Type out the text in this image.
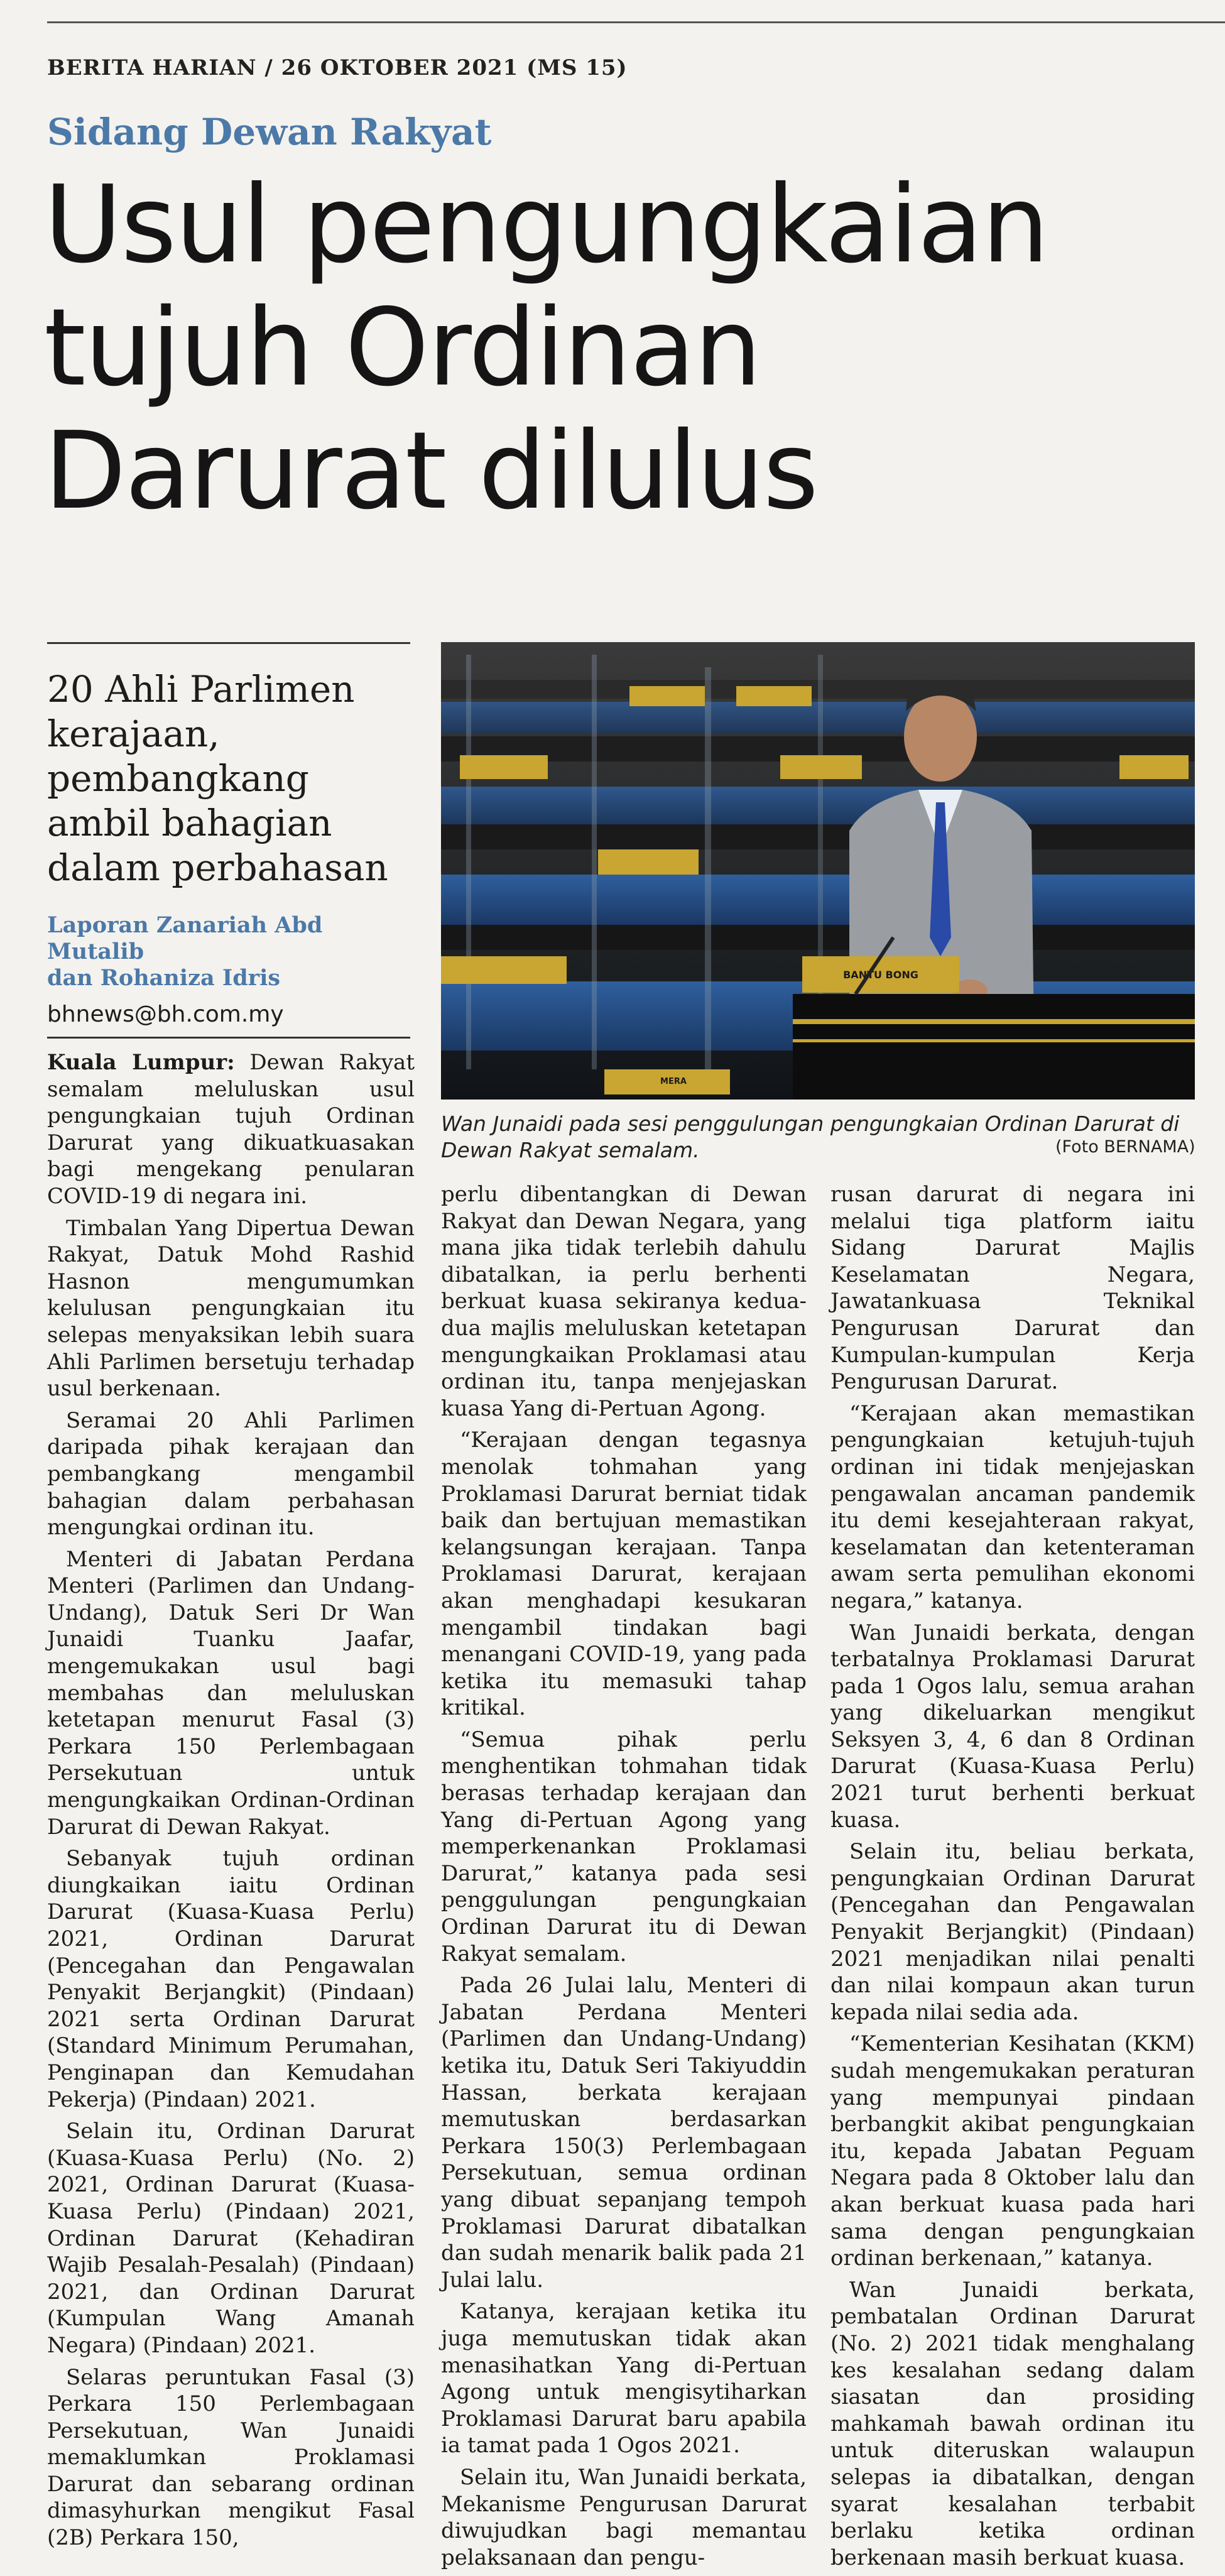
BERITA HARIAN / 26 OKTOBER 2021 (MS 15)
Sidang Dewan Rakyat
Usul pengungkaian
tujuh Ordinan
Darurat dilulus
20 Ahli Parlimen kerajaan, pembangkang ambil bahagian dalam perbahasan
Laporan Zanariah Abd Mutalib
dan Rohaniza Idris
bhnews@bh.com.my
BANTU BONG
MERA
Wan Junaidi pada sesi penggulungan pengungkaian Ordinan Darurat di Dewan Rakyat semalam.	(Foto BERNAMA)

Kuala Lumpur: Dewan Rakyat semalam meluluskan usul pengungkaian tujuh Ordinan Darurat yang dikuatkuasakan bagi mengekang penularan COVID-19 di negara ini.

Timbalan Yang Dipertua Dewan Rakyat, Datuk Mohd Rashid Hasnon mengumumkan kelulusan pengungkaian itu selepas menyaksikan lebih suara Ahli Parlimen bersetuju terhadap usul berkenaan.

Seramai 20 Ahli Parlimen daripada pihak kerajaan dan pembangkang mengambil bahagian dalam perbahasan mengungkai ordinan itu.

Menteri di Jabatan Perdana Menteri (Parlimen dan Undang-Undang), Datuk Seri Dr Wan Junaidi Tuanku Jaafar, mengemukakan usul bagi membahas dan meluluskan ketetapan menurut Fasal (3) Perkara 150 Perlembagaan Persekutuan untuk mengungkaikan Ordinan-Ordinan Darurat di Dewan Rakyat.

Sebanyak tujuh ordinan diungkaikan iaitu Ordinan Darurat (Kuasa-Kuasa Perlu) 2021, Ordinan Darurat (Pencegahan dan Pengawalan Penyakit Berjangkit) (Pindaan) 2021 serta Ordinan Darurat (Standard Minimum Perumahan, Penginapan dan Kemudahan Pekerja) (Pindaan) 2021.

Selain itu, Ordinan Darurat (Kuasa-Kuasa Perlu) (No. 2) 2021, Ordinan Darurat (Kuasa-Kuasa Perlu) (Pindaan) 2021, Ordinan Darurat (Kehadiran Wajib Pesalah-Pesalah) (Pindaan) 2021, dan Ordinan Darurat (Kumpulan Wang Amanah Negara) (Pindaan) 2021.

Selaras peruntukan Fasal (3) Perkara 150 Perlembagaan Persekutuan, Wan Junaidi memaklumkan Proklamasi Darurat dan sebarang ordinan dimasyhurkan mengikut Fasal (2B) Perkara 150,

perlu dibentangkan di Dewan Rakyat dan Dewan Negara, yang mana jika tidak terlebih dahulu dibatalkan, ia perlu berhenti berkuat kuasa sekiranya kedua-dua majlis meluluskan ketetapan mengungkaikan Proklamasi atau ordinan itu, tanpa menjejaskan kuasa Yang di-Pertuan Agong.

“Kerajaan dengan tegasnya menolak tohmahan yang Proklamasi Darurat berniat tidak baik dan bertujuan memastikan kelangsungan kerajaan. Tanpa Proklamasi Darurat, kerajaan akan menghadapi kesukaran mengambil tindakan bagi menangani COVID-19, yang pada ketika itu memasuki tahap kritikal.

“Semua pihak perlu menghentikan tohmahan tidak berasas terhadap kerajaan dan Yang di-Pertuan Agong yang memperkenankan Proklamasi Darurat,” katanya pada sesi penggulungan pengungkaian Ordinan Darurat itu di Dewan Rakyat semalam.

Pada 26 Julai lalu, Menteri di Jabatan Perdana Menteri (Parlimen dan Undang-Undang) ketika itu, Datuk Seri Takiyuddin Hassan, berkata kerajaan memutuskan berdasarkan Perkara 150(3) Perlembagaan Persekutuan, semua ordinan yang dibuat sepanjang tempoh Proklamasi Darurat dibatalkan dan sudah menarik balik pada 21 Julai lalu.

Katanya, kerajaan ketika itu juga memutuskan tidak akan menasihatkan Yang di-Pertuan Agong untuk mengisytiharkan Proklamasi Darurat baru apabila ia tamat pada 1 Ogos 2021.

Selain itu, Wan Junaidi berkata, Mekanisme Pengurusan Darurat diwujudkan bagi memantau pelaksanaan dan pengu-

rusan darurat di negara ini melalui tiga platform iaitu Sidang Darurat Majlis Keselamatan Negara, Jawatankuasa Teknikal Pengurusan Darurat dan Kumpulan-kumpulan Kerja Pengurusan Darurat.

“Kerajaan akan memastikan pengungkaian ketujuh-tujuh ordinan ini tidak menjejaskan pengawalan ancaman pandemik itu demi kesejahteraan rakyat, keselamatan dan ketenteraman awam serta pemulihan ekonomi negara,” katanya.

Wan Junaidi berkata, dengan terbatalnya Proklamasi Darurat pada 1 Ogos lalu, semua arahan yang dikeluarkan mengikut Seksyen 3, 4, 6 dan 8 Ordinan Darurat (Kuasa-Kuasa Perlu) 2021 turut berhenti berkuat kuasa.

Selain itu, beliau berkata, pengungkaian Ordinan Darurat (Pencegahan dan Pengawalan Penyakit Berjangkit) (Pindaan) 2021 menjadikan nilai penalti dan nilai kompaun akan turun kepada nilai sedia ada.

“Kementerian Kesihatan (KKM) sudah mengemukakan peraturan yang mempunyai pindaan berbangkit akibat pengungkaian itu, kepada Jabatan Peguam Negara pada 8 Oktober lalu dan akan berkuat kuasa pada hari sama dengan pengungkaian ordinan berkenaan,” katanya.

Wan Junaidi berkata, pembatalan Ordinan Darurat (No. 2) 2021 tidak menghalang kes kesalahan sedang dalam siasatan dan prosiding mahkamah bawah ordinan itu untuk diteruskan walaupun selepas ia dibatalkan, dengan syarat kesalahan terbabit berlaku ketika ordinan berkenaan masih berkuat kuasa.
